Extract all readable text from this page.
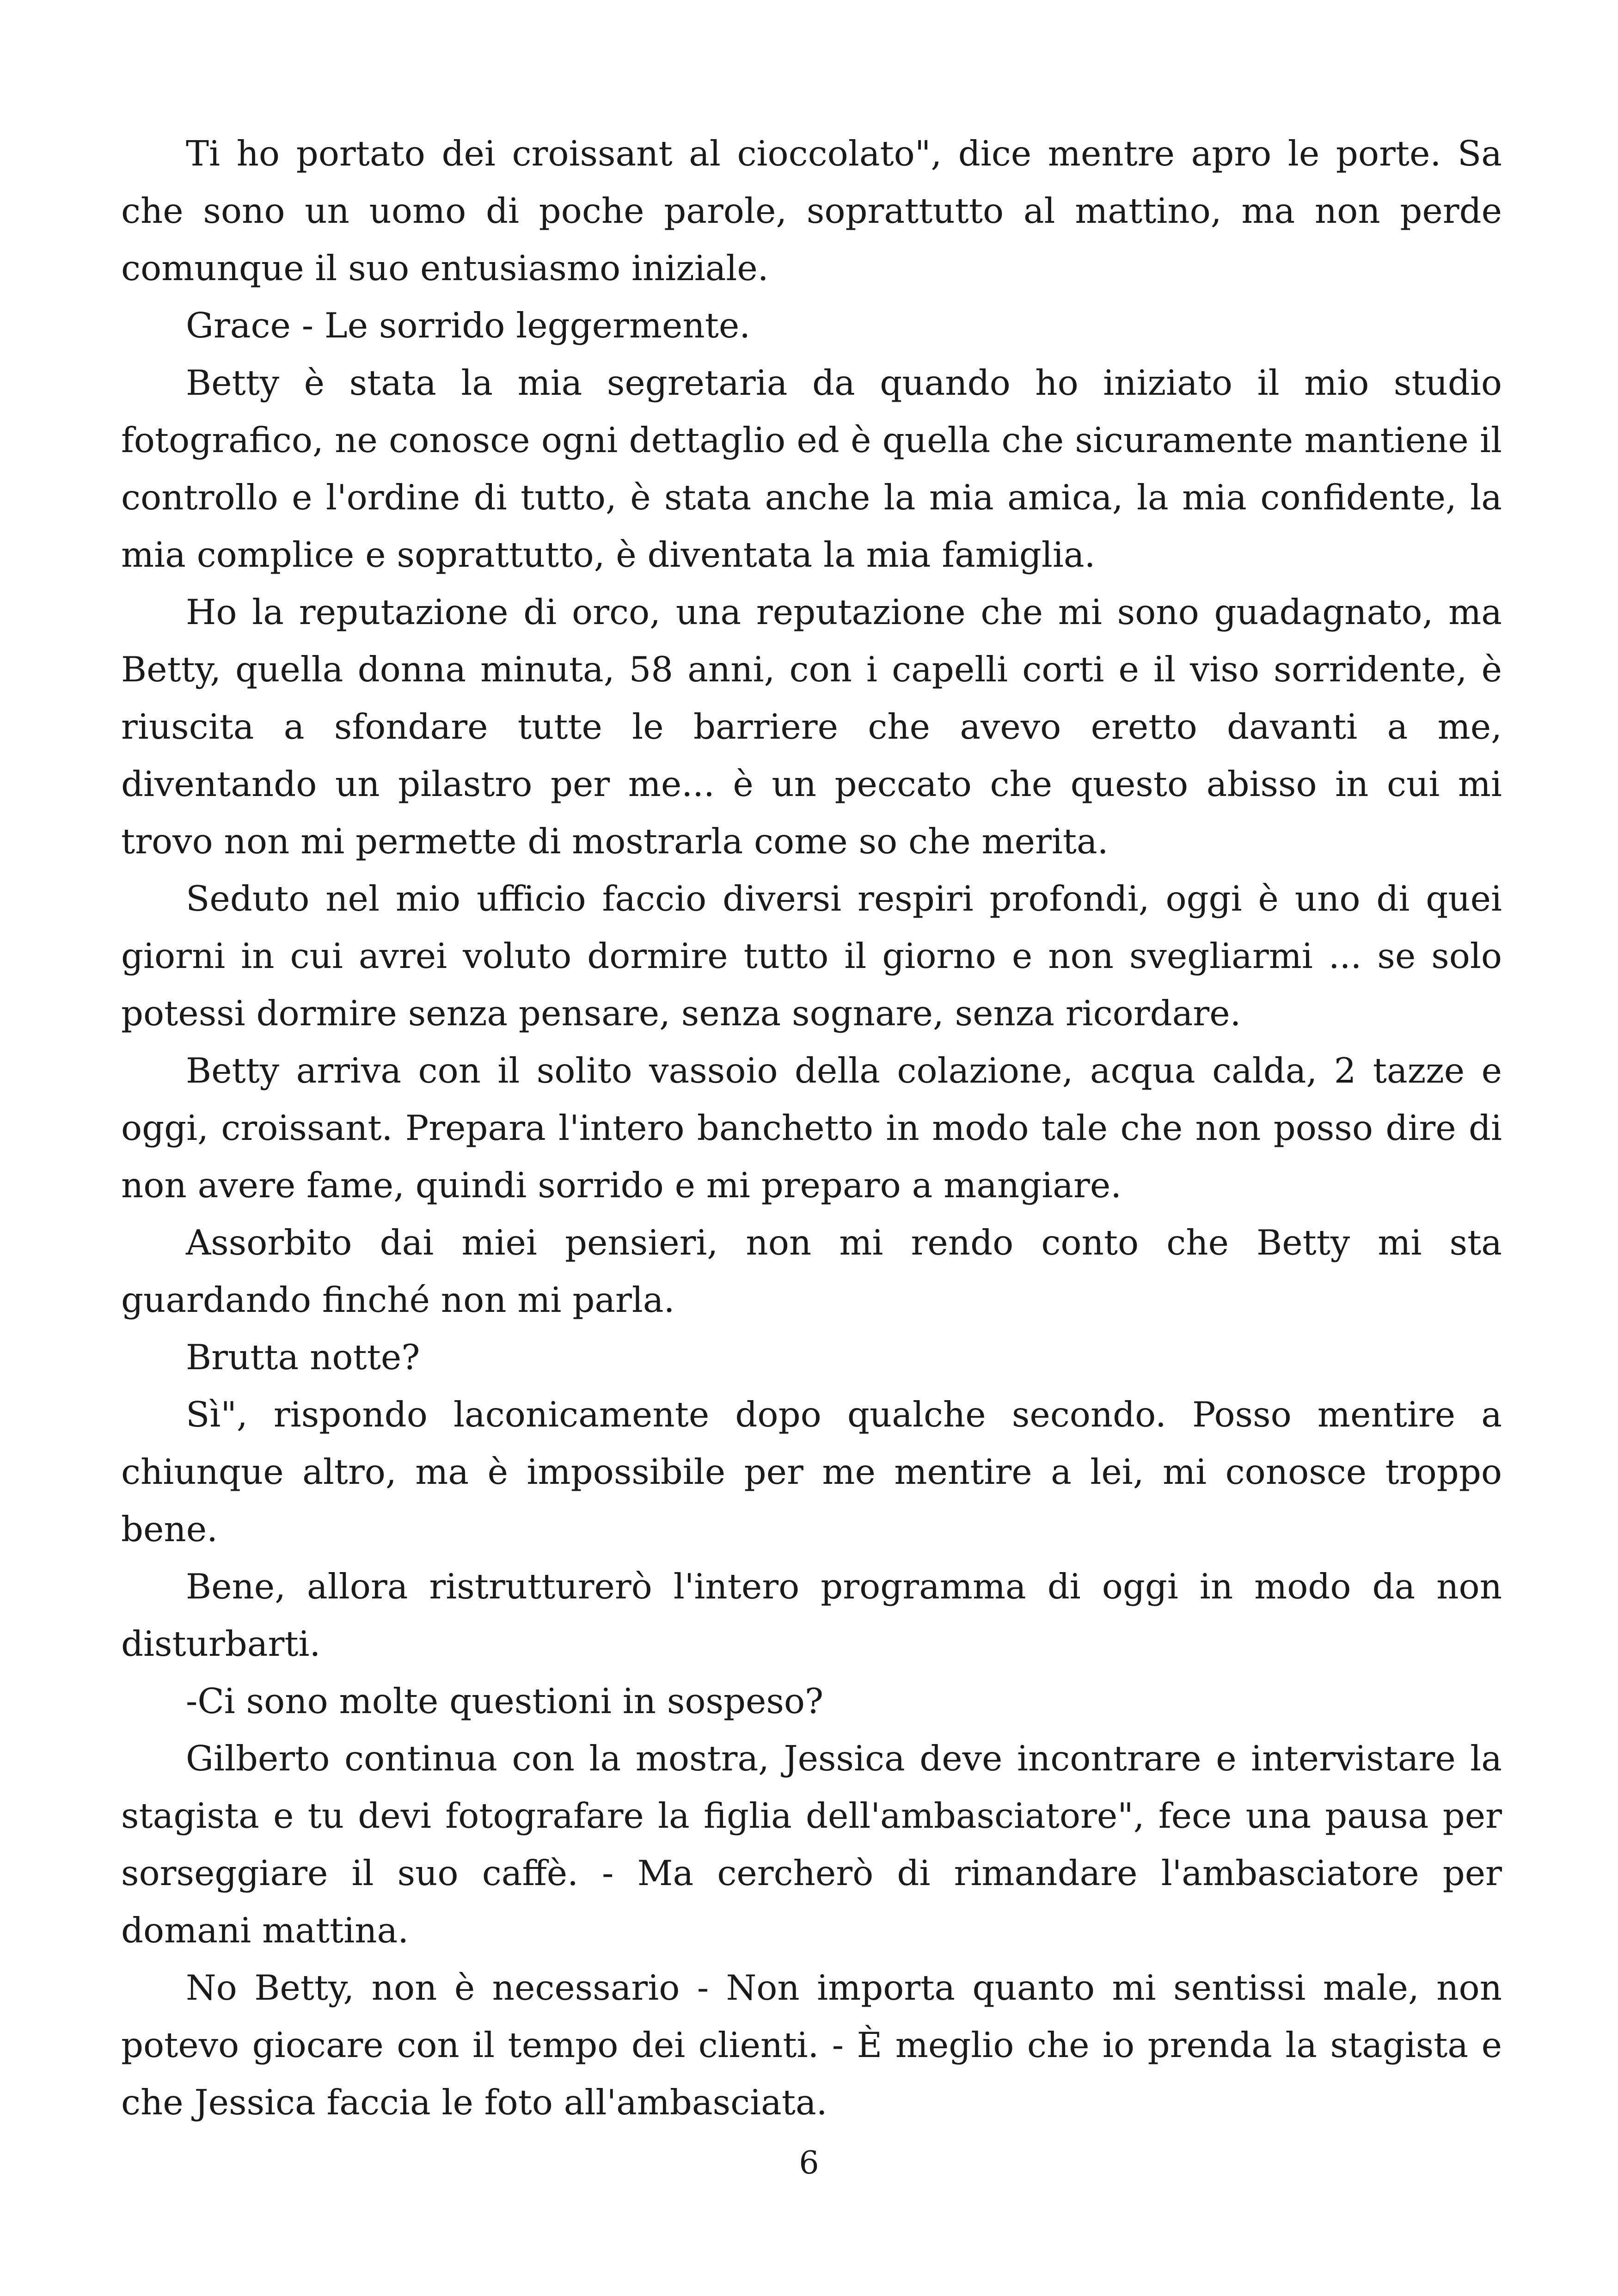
Ti ho portato dei croissant al cioccolato", dice mentre apro le porte. Sa che sono un uomo di poche parole, soprattutto al mattino, ma non perde comunque il suo entusiasmo iniziale.

Grace - Le sorrido leggermente.

Betty è stata la mia segretaria da quando ho iniziato il mio studio fotografico, ne conosce ogni dettaglio ed è quella che sicuramente mantiene il controllo e l'ordine di tutto, è stata anche la mia amica, la mia confidente, la mia complice e soprattutto, è diventata la mia famiglia.

Ho la reputazione di orco, una reputazione che mi sono guadagnato, ma Betty, quella donna minuta, 58 anni, con i capelli corti e il viso sorridente, è riuscita a sfondare tutte le barriere che avevo eretto davanti a me, diventando un pilastro per me... è un peccato che questo abisso in cui mi trovo non mi permette di mostrarla come so che merita.

Seduto nel mio ufficio faccio diversi respiri profondi, oggi è uno di quei giorni in cui avrei voluto dormire tutto il giorno e non svegliarmi ... se solo potessi dormire senza pensare, senza sognare, senza ricordare.

Betty arriva con il solito vassoio della colazione, acqua calda, 2 tazze e oggi, croissant. Prepara l'intero banchetto in modo tale che non posso dire di non avere fame, quindi sorrido e mi preparo a mangiare.

Assorbito dai miei pensieri, non mi rendo conto che Betty mi sta guardando finché non mi parla.

Brutta notte?

Sì", rispondo laconicamente dopo qualche secondo. Posso mentire a chiunque altro, ma è impossibile per me mentire a lei, mi conosce troppo bene.

Bene, allora ristrutturerò l'intero programma di oggi in modo da non disturbarti.

-Ci sono molte questioni in sospeso?

Gilberto continua con la mostra, Jessica deve incontrare e intervistare la stagista e tu devi fotografare la figlia dell'ambasciatore", fece una pausa per sorseggiare il suo caffè. - Ma cercherò di rimandare l'ambasciatore per domani mattina.

No Betty, non è necessario - Non importa quanto mi sentissi male, non potevo giocare con il tempo dei clienti. - È meglio che io prenda la stagista e che Jessica faccia le foto all'ambasciata.

6
